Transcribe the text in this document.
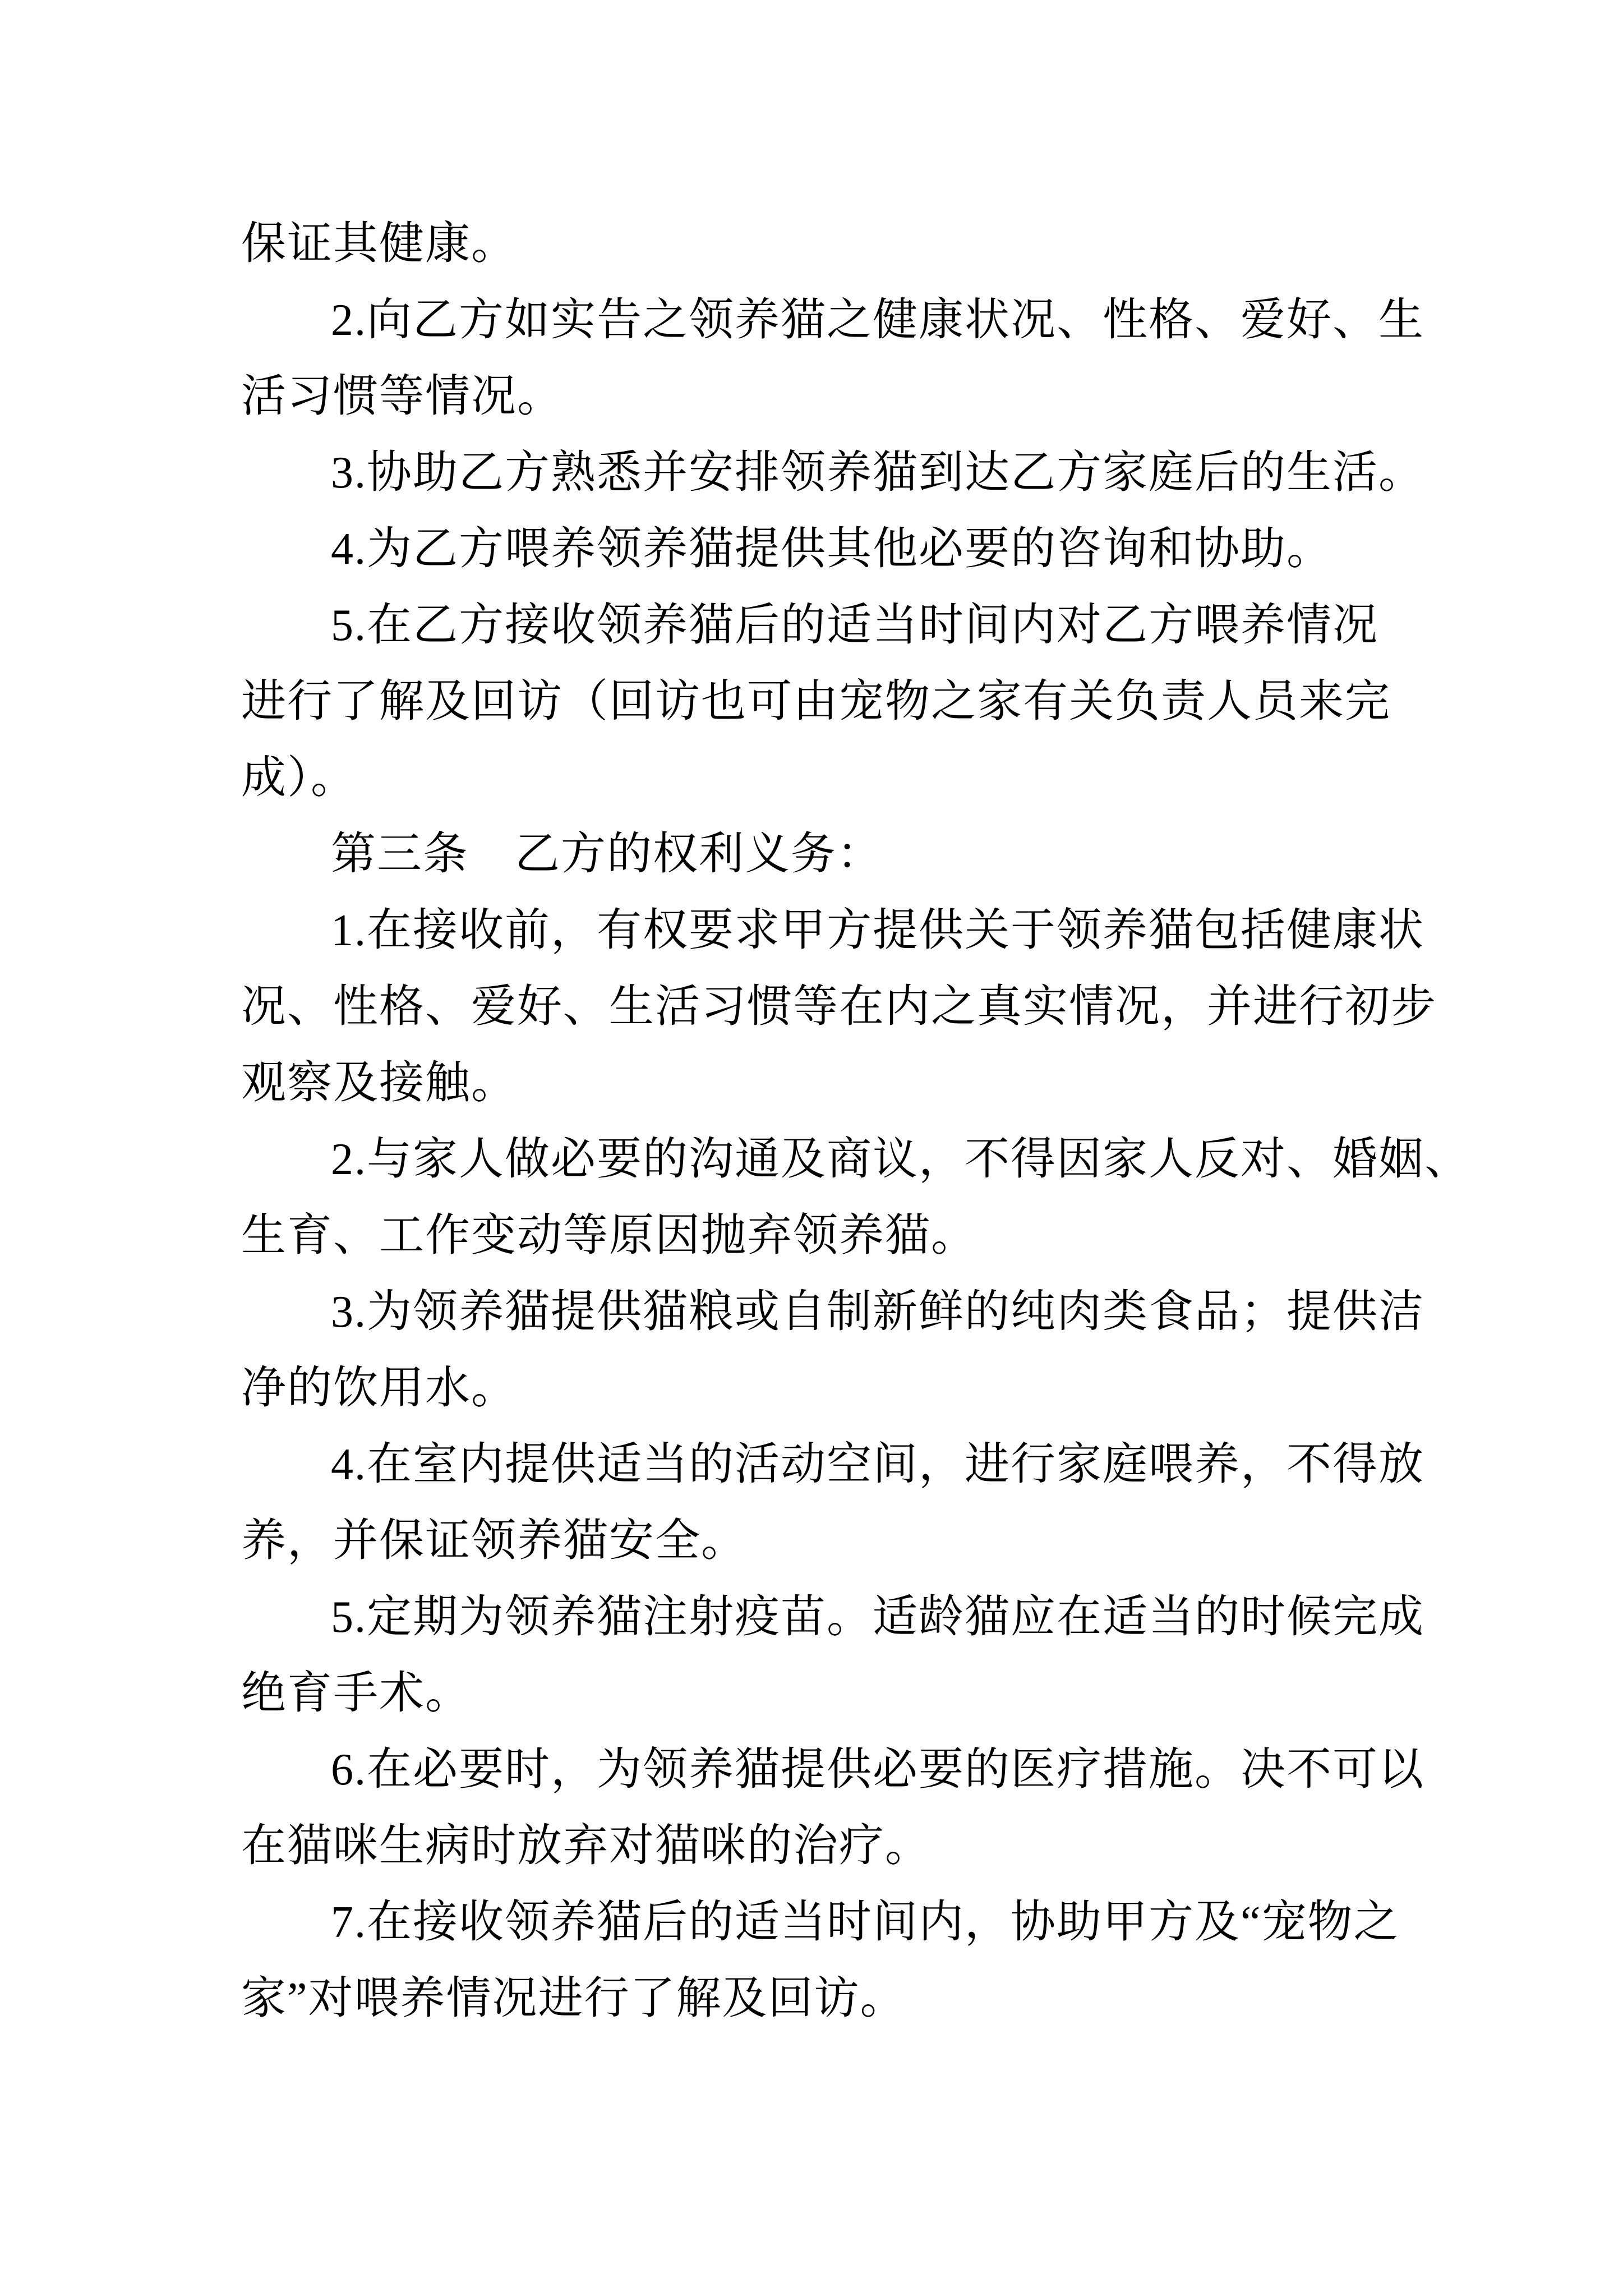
保证其健康。
2.向乙方如实告之领养猫之健康状况、性格、爱好、生
活习惯等情况。
3.协助乙方熟悉并安排领养猫到达乙方家庭后的生活。
4.为乙方喂养领养猫提供其他必要的咨询和协助。
5.在乙方接收领养猫后的适当时间内对乙方喂养情况
进行了解及回访（回访也可由宠物之家有关负责人员来完
成）。
第三条　乙方的权利义务：
1.在接收前，有权要求甲方提供关于领养猫包括健康状
况、性格、爱好、生活习惯等在内之真实情况，并进行初步
观察及接触。
2.与家人做必要的沟通及商议，不得因家人反对、婚姻、
生育、工作变动等原因抛弃领养猫。
3.为领养猫提供猫粮或自制新鲜的纯肉类食品；提供洁
净的饮用水。
4.在室内提供适当的活动空间，进行家庭喂养，不得放
养，并保证领养猫安全。
5.定期为领养猫注射疫苗。适龄猫应在适当的时候完成
绝育手术。
6.在必要时，为领养猫提供必要的医疗措施。决不可以
在猫咪生病时放弃对猫咪的治疗。
7.在接收领养猫后的适当时间内，协助甲方及“宠物之
家”对喂养情况进行了解及回访。
